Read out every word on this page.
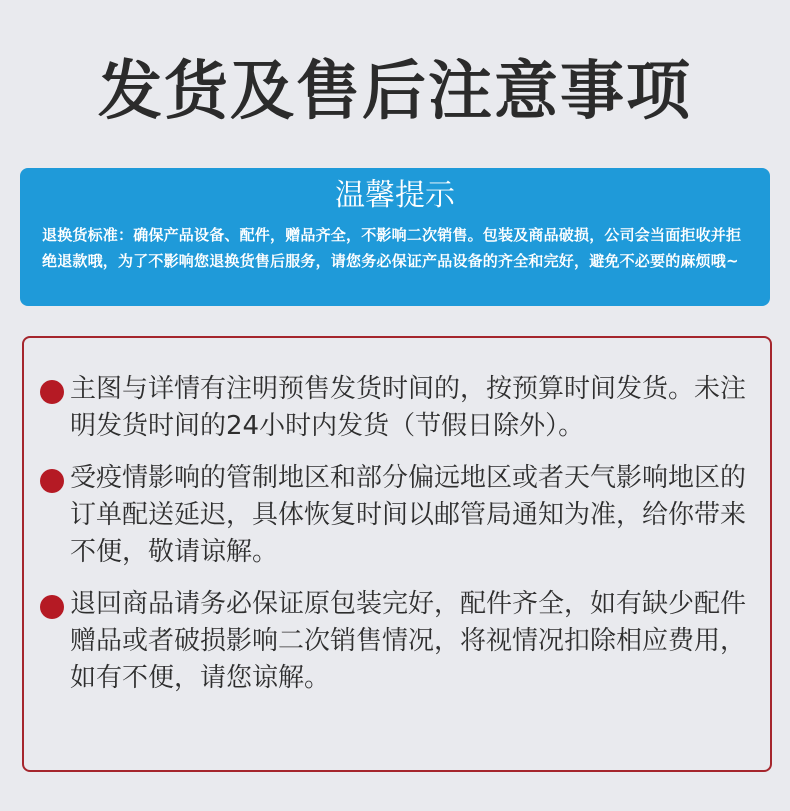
发货及售后注意事项
温馨提示

退换货标准：确保产品设备、配件，赠品齐全，不影响二次销售。包装及商品破损，公司会当面拒收并拒绝退款哦，为了不影响您退换货售后服务，请您务必保证产品设备的齐全和完好，避免不必要的麻烦哦~

主图与详情有注明预售发货时间的，按预算时间发货。未注明发货时间的24小时内发货（节假日除外）。

受疫情影响的管制地区和部分偏远地区或者天气影响地区的订单配送延迟，具体恢复时间以邮管局通知为准，给你带来不便，敬请谅解。

退回商品请务必保证原包装完好，配件齐全，如有缺少配件赠品或者破损影响二次销售情况，将视情况扣除相应费用，如有不便，请您谅解。
